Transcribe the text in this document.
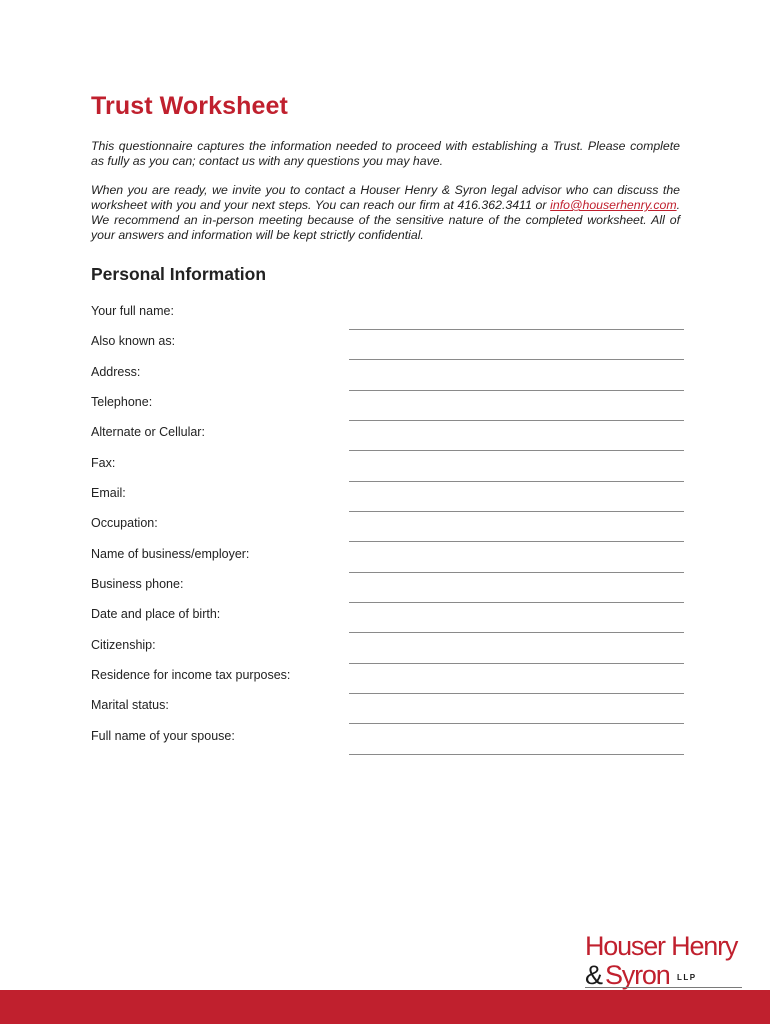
Trust Worksheet

This questionnaire captures the information needed to proceed with establishing a Trust. Please complete as fully as you can; contact us with any questions you may have.

When you are ready, we invite you to contact a Houser Henry & Syron legal advisor who can discuss the worksheet with you and your next steps. You can reach our firm at 416.362.3411 or info@houserhenry.com. We recommend an in-person meeting because of the sensitive nature of the completed worksheet. All of your answers and information will be kept strictly confidential.

Personal Information
Your full name:
Also known as:
Address:
Telephone:
Alternate or Cellular:
Fax:
Email:
Occupation:
Name of business/employer:
Business phone:
Date and place of birth:
Citizenship:
Residence for income tax purposes:
Marital status:
Full name of your spouse:
Houser Henry
& Syron LLP
